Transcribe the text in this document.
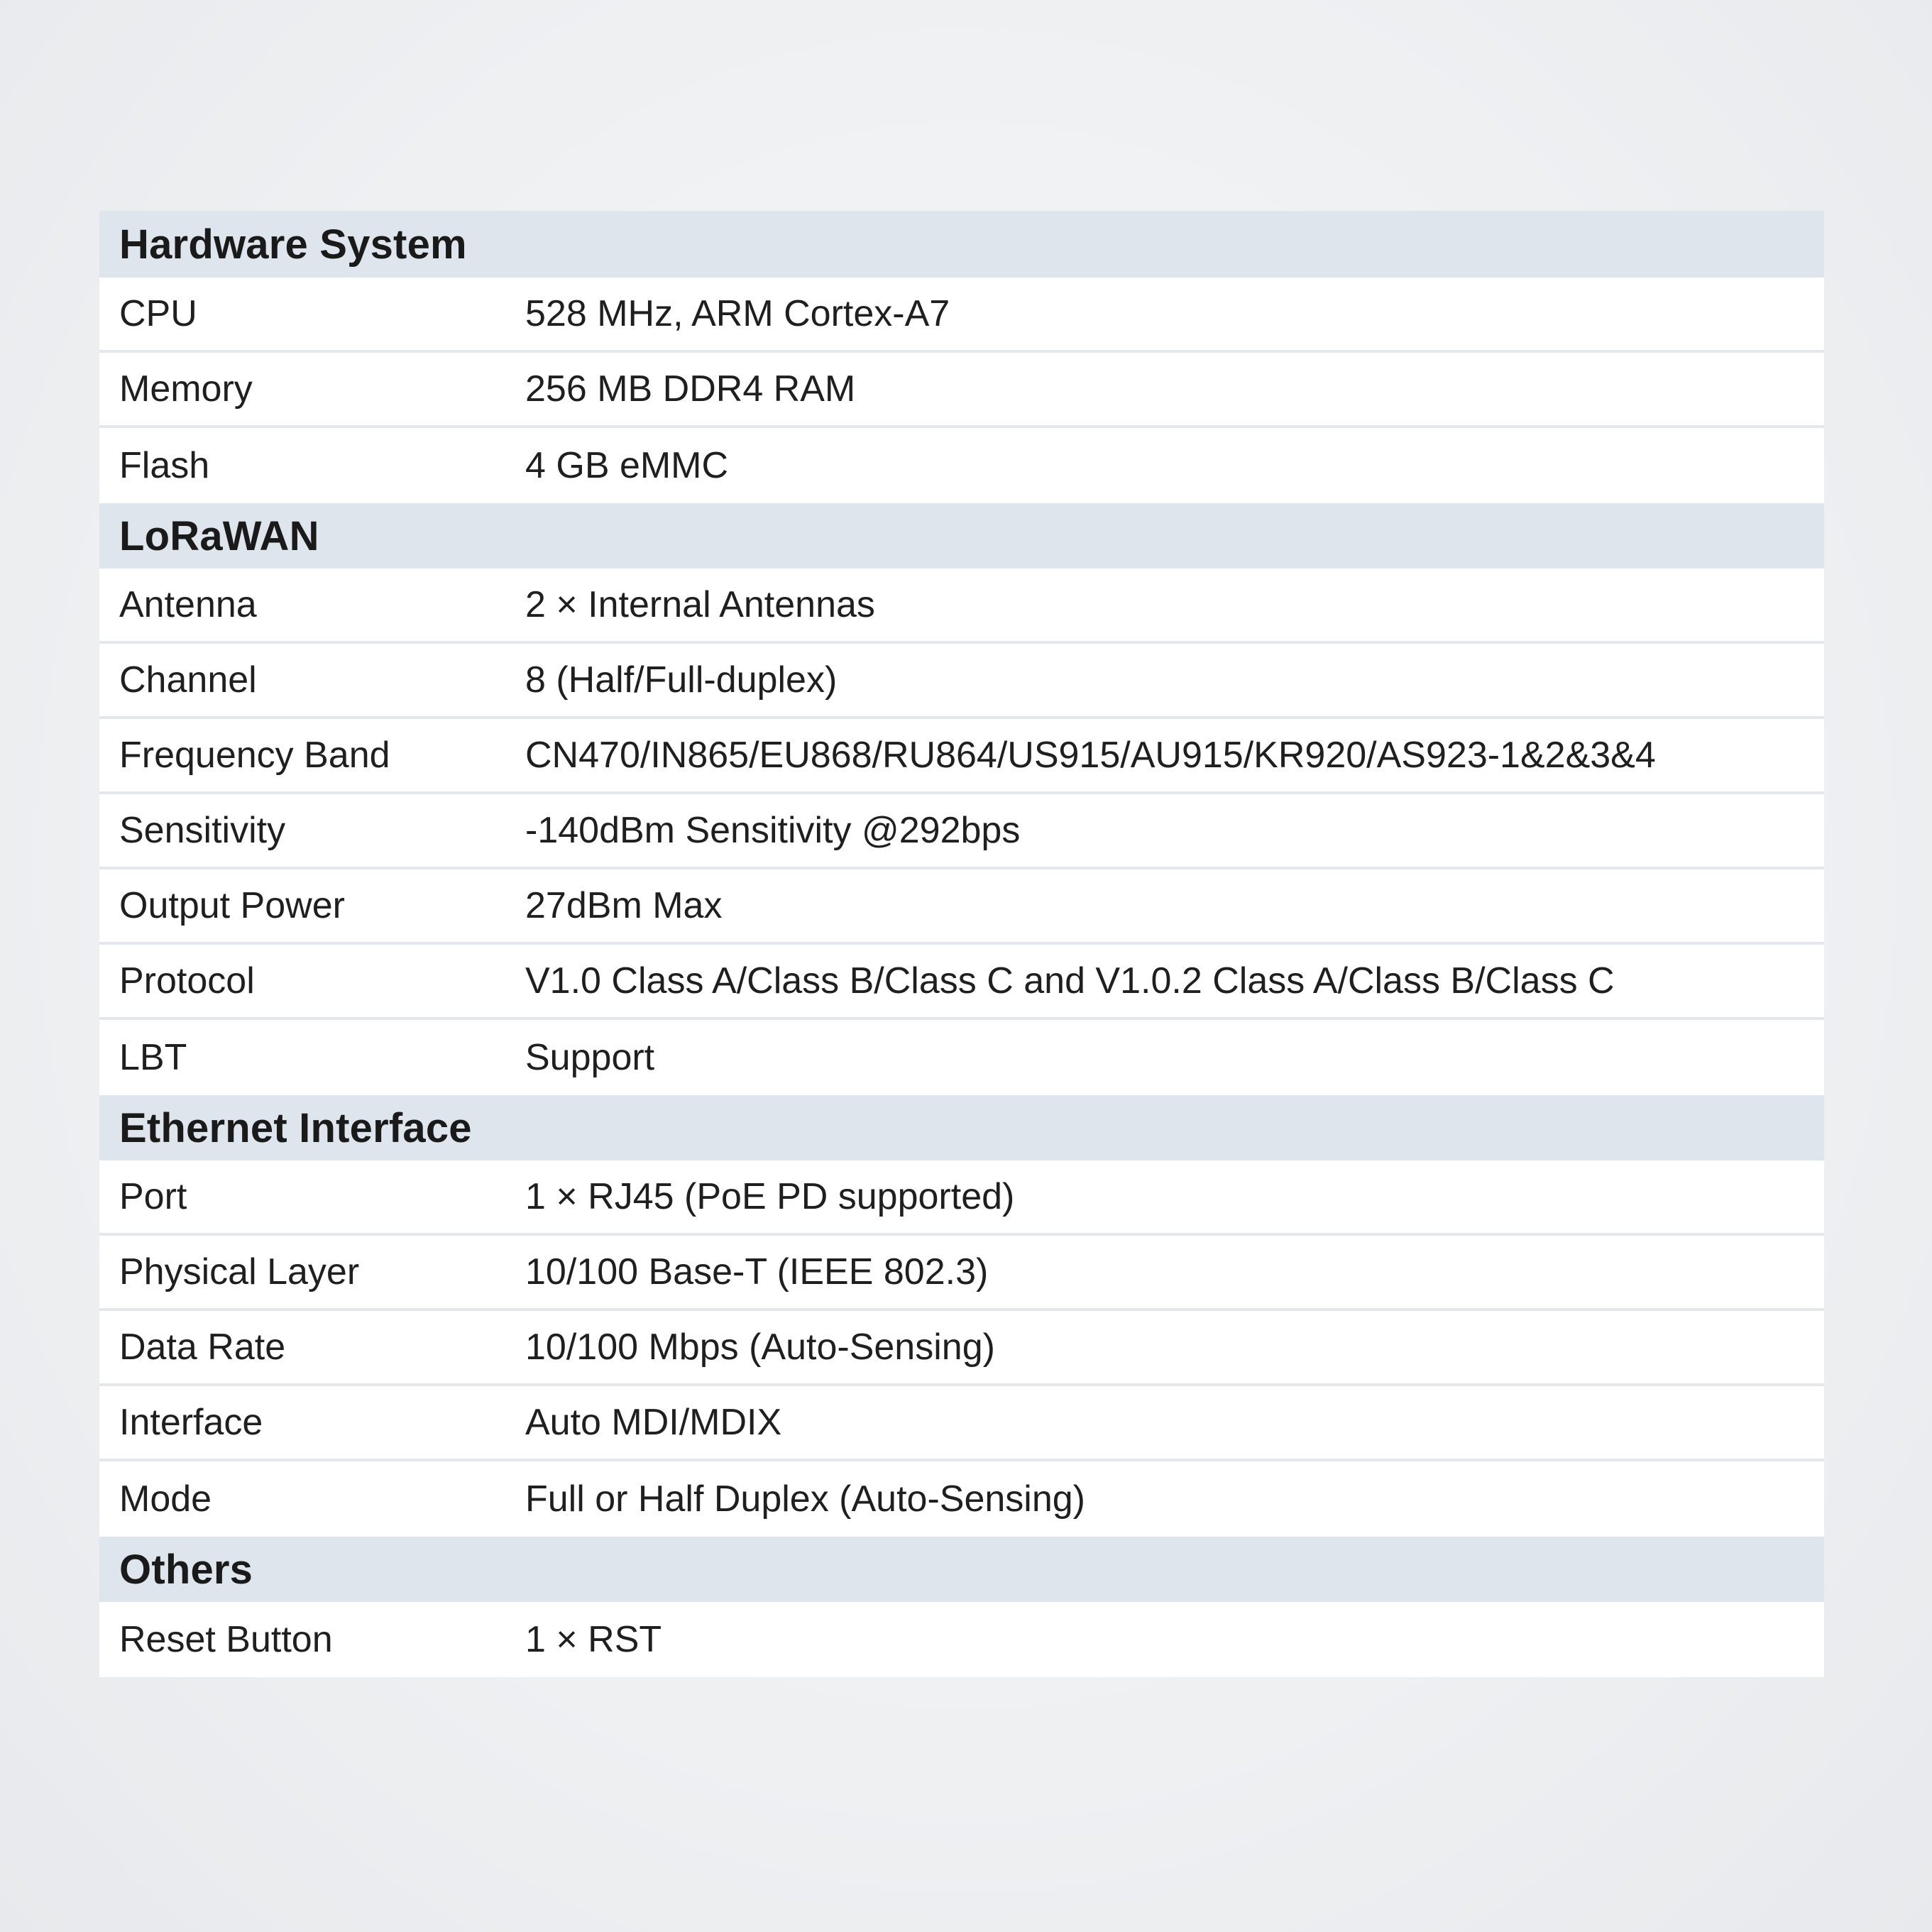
Hardware System
CPU	528 MHz, ARM Cortex-A7
Memory	256 MB DDR4 RAM
Flash	4 GB eMMC
LoRaWAN
Antenna	2 × Internal Antennas
Channel	8 (Half/Full-duplex)
Frequency Band	CN470/IN865/EU868/RU864/US915/AU915/KR920/AS923-1&2&3&4
Sensitivity	-140dBm Sensitivity @292bps
Output Power	27dBm Max
Protocol	V1.0 Class A/Class B/Class C and V1.0.2 Class A/Class B/Class C
LBT	Support
Ethernet Interface
Port	1 × RJ45 (PoE PD supported)
Physical Layer	10/100 Base-T (IEEE 802.3)
Data Rate	10/100 Mbps (Auto-Sensing)
Interface	Auto MDI/MDIX
Mode	Full or Half Duplex (Auto-Sensing)
Others
Reset Button	1 × RST
